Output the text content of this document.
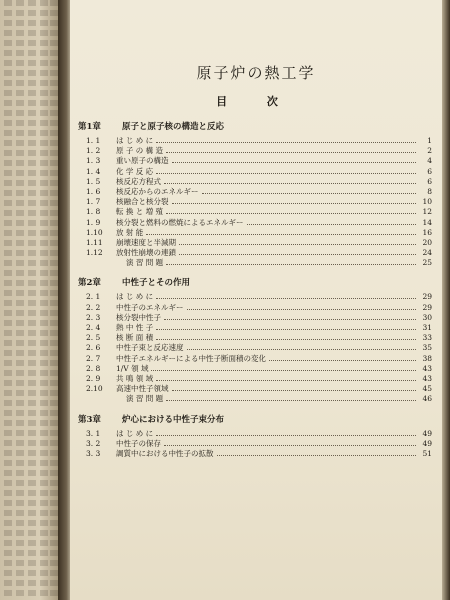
原子炉の熱工学
目 次
第1章 原子と原子核の構造と反応
1. 1	は じ め に	1
1. 2	原 子 の 構 造	2
1. 3	重い原子の構造	4
1. 4	化 学 反 応	6
1. 5	核反応方程式	6
1. 6	核反応からのエネルギー	8
1. 7	核融合と核分裂	10
1. 8	転 換 と 増 殖	12
1. 9	核分裂と燃料の燃焼によるエネルギー	14
1.10	放 射 能	16
1.11	崩壊速度と半減期	20
1.12	放射性崩壊の連鎖	24
演 習 問 題	25
第2章 中性子とその作用
2. 1	は じ め に	29
2. 2	中性子のエネルギー	29
2. 3	核分裂中性子	30
2. 4	熱 中 性 子	31
2. 5	核 断 面 積	33
2. 6	中性子束と反応速度	35
2. 7	中性子エネルギーによる中性子断面積の変化	38
2. 8	1/V 領 域	43
2. 9	共 鳴 領 域	43
2.10	高速中性子領域	45
演 習 問 題	46
第3章 炉心における中性子束分布
3. 1	は じ め に	49
3. 2	中性子の保存	49
3. 3	調質中における中性子の拡散	51
